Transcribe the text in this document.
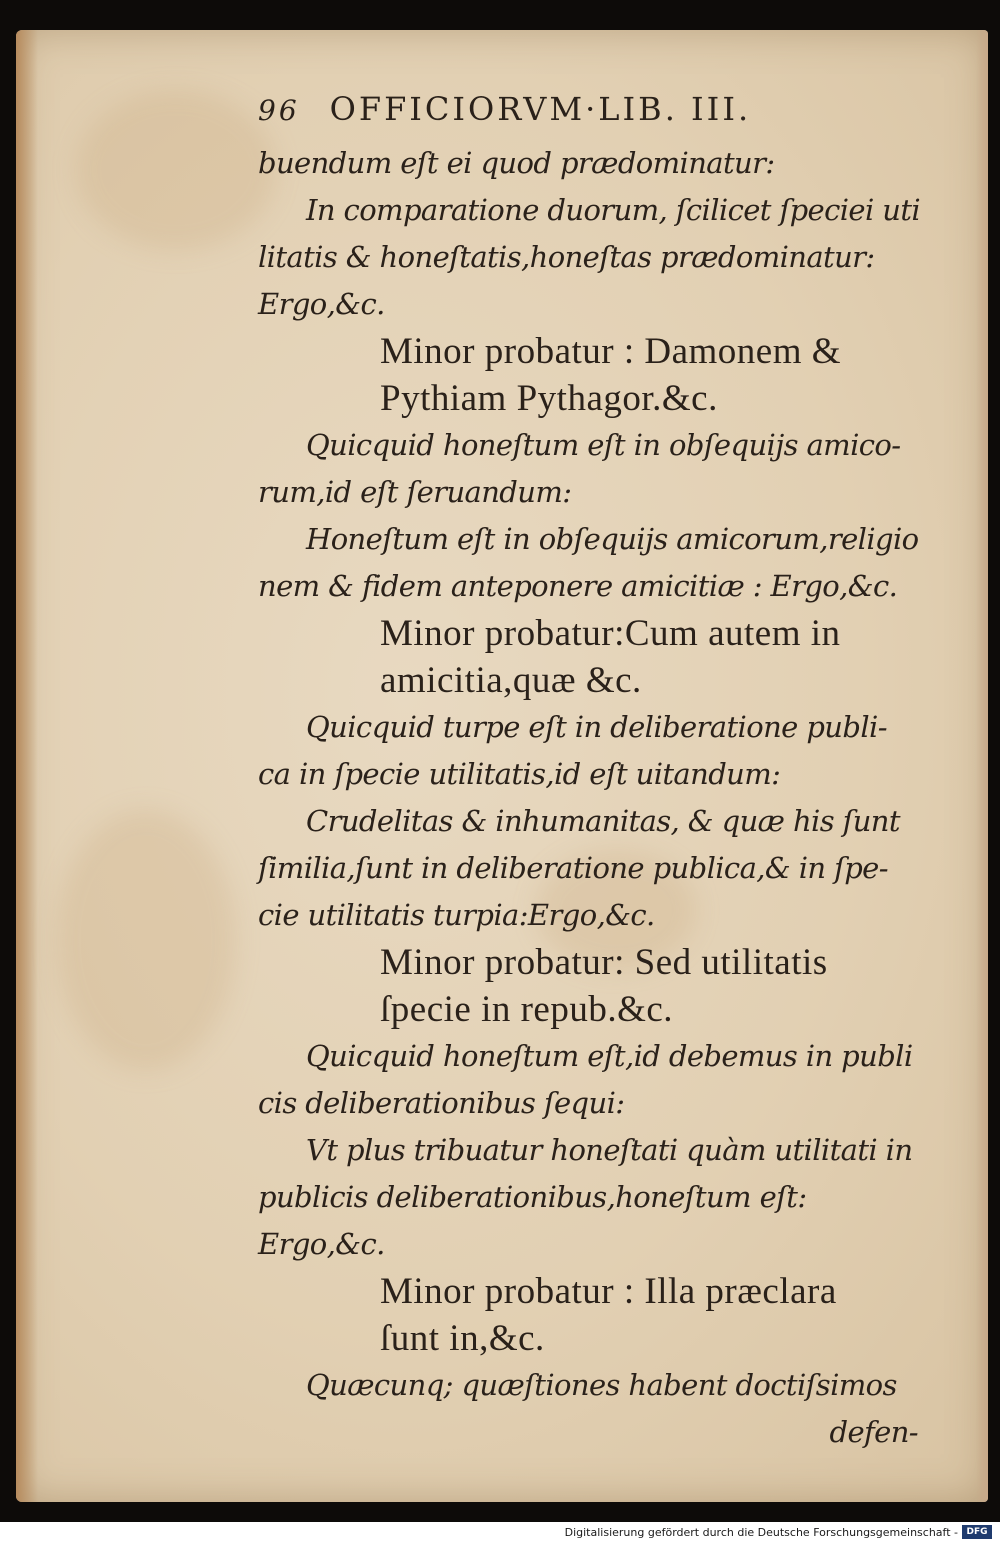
96 OFFICIORVM·LIB. III.
buendum eſt ei quod prædominatur:
In comparatione duorum, ſcilicet ſpeciei uti
litatis & honeſtatis,honeſtas prædominatur:
Ergo,&c.
Minor probatur : Damonem &
Pythiam Pythagor.&c.
Quicquid honeſtum eſt in obſequijs amico-
rum,id eſt ſeruandum:
Honeſtum eſt in obſequijs amicorum,religio
nem & fidem anteponere amicitiæ : Ergo,&c.
Minor probatur:Cum autem in
amicitia,quæ &c.
Quicquid turpe eſt in deliberatione publi-
ca in ſpecie utilitatis,id eſt uitandum:
Crudelitas & inhumanitas, & quæ his ſunt
ſimilia,ſunt in deliberatione publica,& in ſpe-
cie utilitatis turpia:Ergo,&c.
Minor probatur: Sed utilitatis
ſpecie in repub.&c.
Quicquid honeſtum eſt,id debemus in publi
cis deliberationibus ſequi:
Vt plus tribuatur honeſtati quàm utilitati in
publicis deliberationibus,honeſtum eſt:
Ergo,&c.
Minor probatur : Illa præclara
ſunt in,&c.
Quæcunq; quæſtiones habent doctiſsimos
defen-
Digitalisierung gefördert durch die Deutsche Forschungsgemeinschaft - DFG
